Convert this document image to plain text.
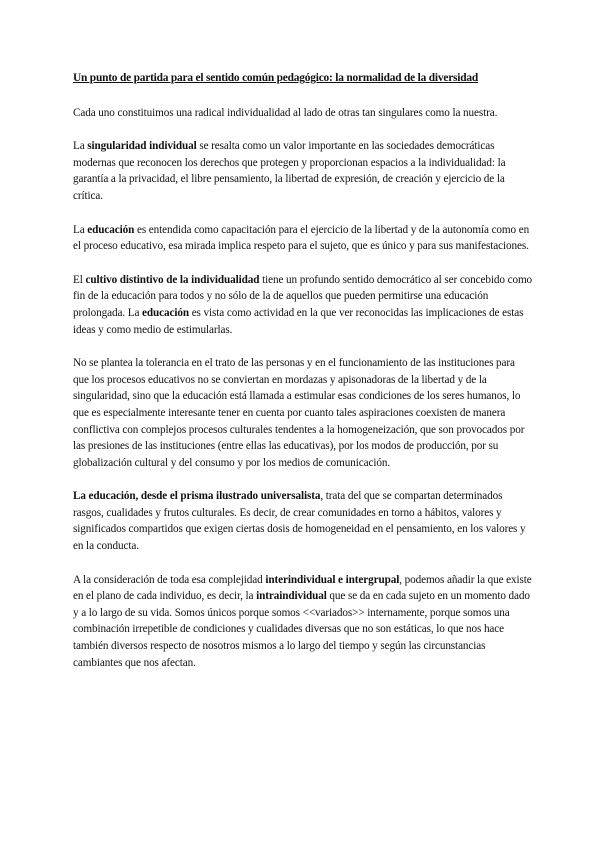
Un punto de partida para el sentido común pedagógico: la normalidad de la diversidad

Cada uno constituimos una radical individualidad al lado de otras tan singulares como la nuestra.

La singularidad individual se resalta como un valor importante en las sociedades democráticas modernas que reconocen los derechos que protegen y proporcionan espacios a la individualidad: la garantía a la privacidad, el libre pensamiento, la libertad de expresión, de creación y ejercicio de la crítica.

La educación es entendida como capacitación para el ejercicio de la libertad y de la autonomía como en el proceso educativo, esa mirada implica respeto para el sujeto, que es único y para sus manifestaciones.

El cultivo distintivo de la individualidad tiene un profundo sentido democrático al ser concebido como fin de la educación para todos y no sólo de la de aquellos que pueden permitirse una educación prolongada. La educación es vista como actividad en la que ver reconocidas las implicaciones de estas ideas y como medio de estimularlas.

No se plantea la tolerancia en el trato de las personas y en el funcionamiento de las instituciones para que los procesos educativos no se conviertan en mordazas y apisonadoras de la libertad y de la singularidad, sino que la educación está llamada a estimular esas condiciones de los seres humanos, lo que es especialmente interesante tener en cuenta por cuanto tales aspiraciones coexisten de manera conflictiva con complejos procesos culturales tendentes a la homogeneización, que son provocados por las presiones de las instituciones (entre ellas las educativas), por los modos de producción, por su globalización cultural y del consumo y por los medios de comunicación.

La educación, desde el prisma ilustrado universalista, trata del que se compartan determinados rasgos, cualidades y frutos culturales. Es decir, de crear comunidades en torno a hábitos, valores y significados compartidos que exigen ciertas dosis de homogeneidad en el pensamiento, en los valores y en la conducta.

A la consideración de toda esa complejidad interindividual e intergrupal, podemos añadir la que existe en el plano de cada individuo, es decir, la intraindividual que se da en cada sujeto en un momento dado y a lo largo de su vida. Somos únicos porque somos <<variados>> internamente, porque somos una combinación irrepetible de condiciones y cualidades diversas que no son estáticas, lo que nos hace también diversos respecto de nosotros mismos a lo largo del tiempo y según las circunstancias cambiantes que nos afectan.
